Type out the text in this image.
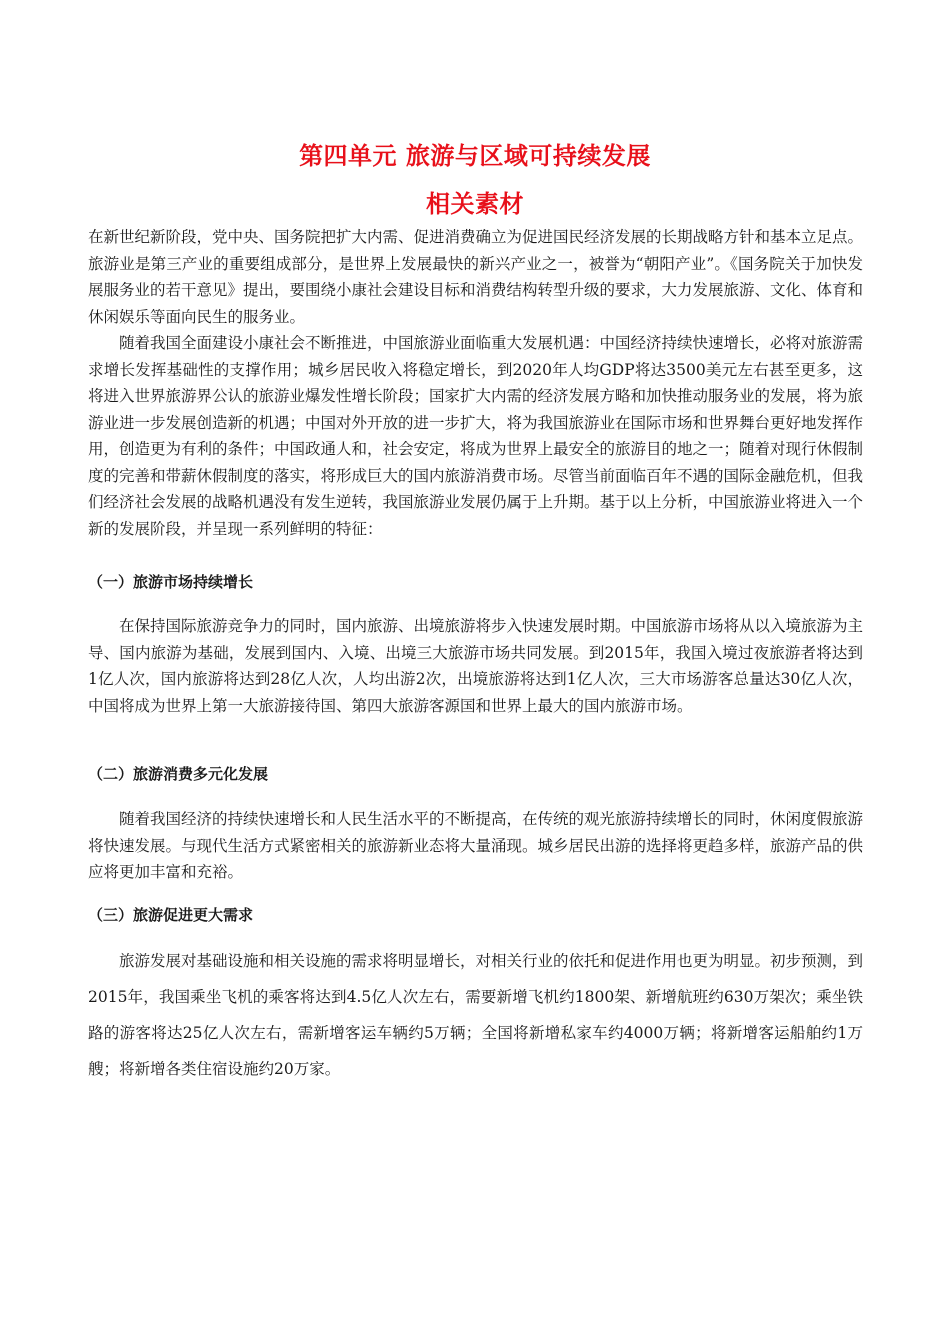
第四单元 旅游与区域可持续发展
相关素材

在新世纪新阶段，党中央、国务院把扩大内需、促进消费确立为促进国民经济发展的长期战略方针和基本立足点。旅游业是第三产业的重要组成部分，是世界上发展最快的新兴产业之一，被誉为“朝阳产业”。《国务院关于加快发展服务业的若干意见》提出，要围绕小康社会建设目标和消费结构转型升级的要求，大力发展旅游、文化、体育和休闲娱乐等面向民生的服务业。

随着我国全面建设小康社会不断推进，中国旅游业面临重大发展机遇：中国经济持续快速增长，必将对旅游需求增长发挥基础性的支撑作用；城乡居民收入将稳定增长，到2020年人均GDP将达3500美元左右甚至更多，这将进入世界旅游界公认的旅游业爆发性增长阶段；国家扩大内需的经济发展方略和加快推动服务业的发展，将为旅游业进一步发展创造新的机遇；中国对外开放的进一步扩大，将为我国旅游业在国际市场和世界舞台更好地发挥作用，创造更为有利的条件；中国政通人和，社会安定，将成为世界上最安全的旅游目的地之一；随着对现行休假制度的完善和带薪休假制度的落实，将形成巨大的国内旅游消费市场。尽管当前面临百年不遇的国际金融危机，但我们经济社会发展的战略机遇没有发生逆转，我国旅游业发展仍属于上升期。基于以上分析，中国旅游业将进入一个新的发展阶段，并呈现一系列鲜明的特征：

（一）旅游市场持续增长

在保持国际旅游竞争力的同时，国内旅游、出境旅游将步入快速发展时期。中国旅游市场将从以入境旅游为主导、国内旅游为基础，发展到国内、入境、出境三大旅游市场共同发展。到2015年，我国入境过夜旅游者将达到1亿人次，国内旅游将达到28亿人次，人均出游2次，出境旅游将达到1亿人次，三大市场游客总量达30亿人次，中国将成为世界上第一大旅游接待国、第四大旅游客源国和世界上最大的国内旅游市场。

（二）旅游消费多元化发展

随着我国经济的持续快速增长和人民生活水平的不断提高，在传统的观光旅游持续增长的同时，休闲度假旅游将快速发展。与现代生活方式紧密相关的旅游新业态将大量涌现。城乡居民出游的选择将更趋多样，旅游产品的供应将更加丰富和充裕。

（三）旅游促进更大需求

旅游发展对基础设施和相关设施的需求将明显增长，对相关行业的依托和促进作用也更为明显。初步预测，到2015年，我国乘坐飞机的乘客将达到4.5亿人次左右，需要新增飞机约1800架、新增航班约630万架次；乘坐铁路的游客将达25亿人次左右，需新增客运车辆约5万辆；全国将新增私家车约4000万辆；将新增客运船舶约1万艘；将新增各类住宿设施约20万家。
